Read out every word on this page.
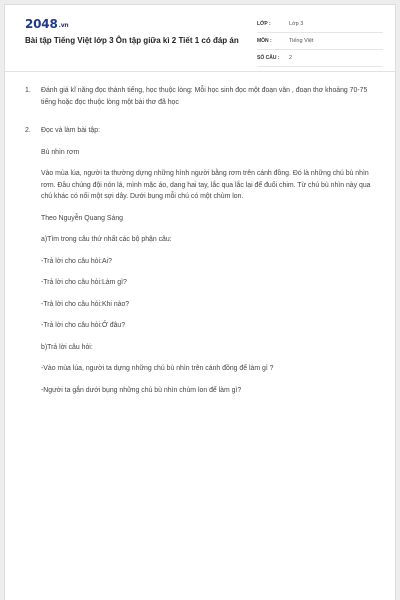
2048.vn
Bài tập Tiếng Việt lớp 3 Ôn tập giữa kì 2 Tiết 1 có đáp án
LỚP :	Lớp 3
MÔN :	Tiếng Việt
SỐ CÂU : 2
1. Đánh giá kĩ năng đọc thành tiếng, học thuộc lòng: Mỗi học sinh đọc một đoạn văn , đoạn thơ khoảng 70-75 tiếng hoặc đọc thuộc lòng một bài thơ đã học
2. Đọc và làm bài tập:

Bù nhìn rơm

Vào mùa lúa, người ta thường dựng những hình người bằng rơm trên cánh đồng. Đó là những chú bù nhìn rơm. Đầu chúng đội nón lá, mình mặc áo, dang hai tay, lắc qua lắc lại để đuổi chim. Từ chú bù nhìn này qua chú khác có nối một sợi dây. Dưới bụng mỗi chú có một chùm lon.

Theo Nguyễn Quang Sáng

a)Tìm trong câu thứ nhất các bộ phận câu:

-Trả lời cho câu hỏi:Ai?

-Trả lời cho câu hỏi:Làm gì?

-Trả lời cho câu hỏi:Khi nào?

-Trả lời cho câu hỏi:Ở đâu?

b)Trả lời câu hỏi:

-Vào mùa lúa, người ta dựng những chú bù nhìn trên cánh đồng để làm gì ?

-Người ta gắn dưới bụng những chú bù nhìn chùm lon để làm gì?
